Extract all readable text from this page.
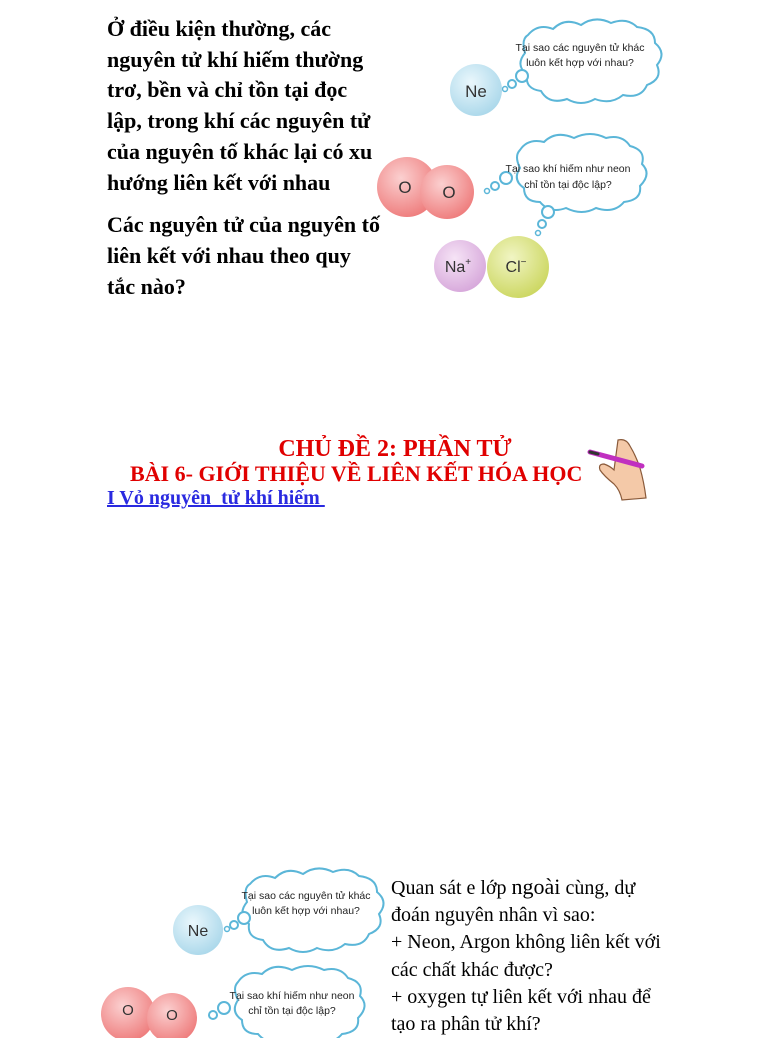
Ở điều kiện thường, các nguyên tử khí hiếm thường trơ, bền và chỉ tồn tại đọc lập, trong khí các nguyên tử của nguyên tố khác lại có xu hướng liên kết với nhau

Các nguyên tử của nguyên tố liên kết với nhau theo quy tắc nào?

Tại sao các nguyên tử khác
luôn kết hợp với nhau?
Ne
Tại sao khí hiếm như neon
chỉ tồn tại độc lập?
O O
Na+ Cl−
CHỦ ĐỀ 2: PHẦN TỬ
BÀI 6- GIỚI THIỆU VỀ LIÊN KẾT HÓA HỌC
I Vỏ nguyên  tử khí hiếm
Tại sao các nguyên tử khác
luôn kết hợp với nhau?
Ne
Tại sao khí hiếm như neon
chỉ tồn tại độc lập?
O O
Quan sát e lớp ngoài cùng, dự đoán nguyên nhân vì sao:
+ Neon, Argon không liên kết với các chất khác được?
+ oxygen tự liên kết với nhau để tạo ra phân tử khí?
